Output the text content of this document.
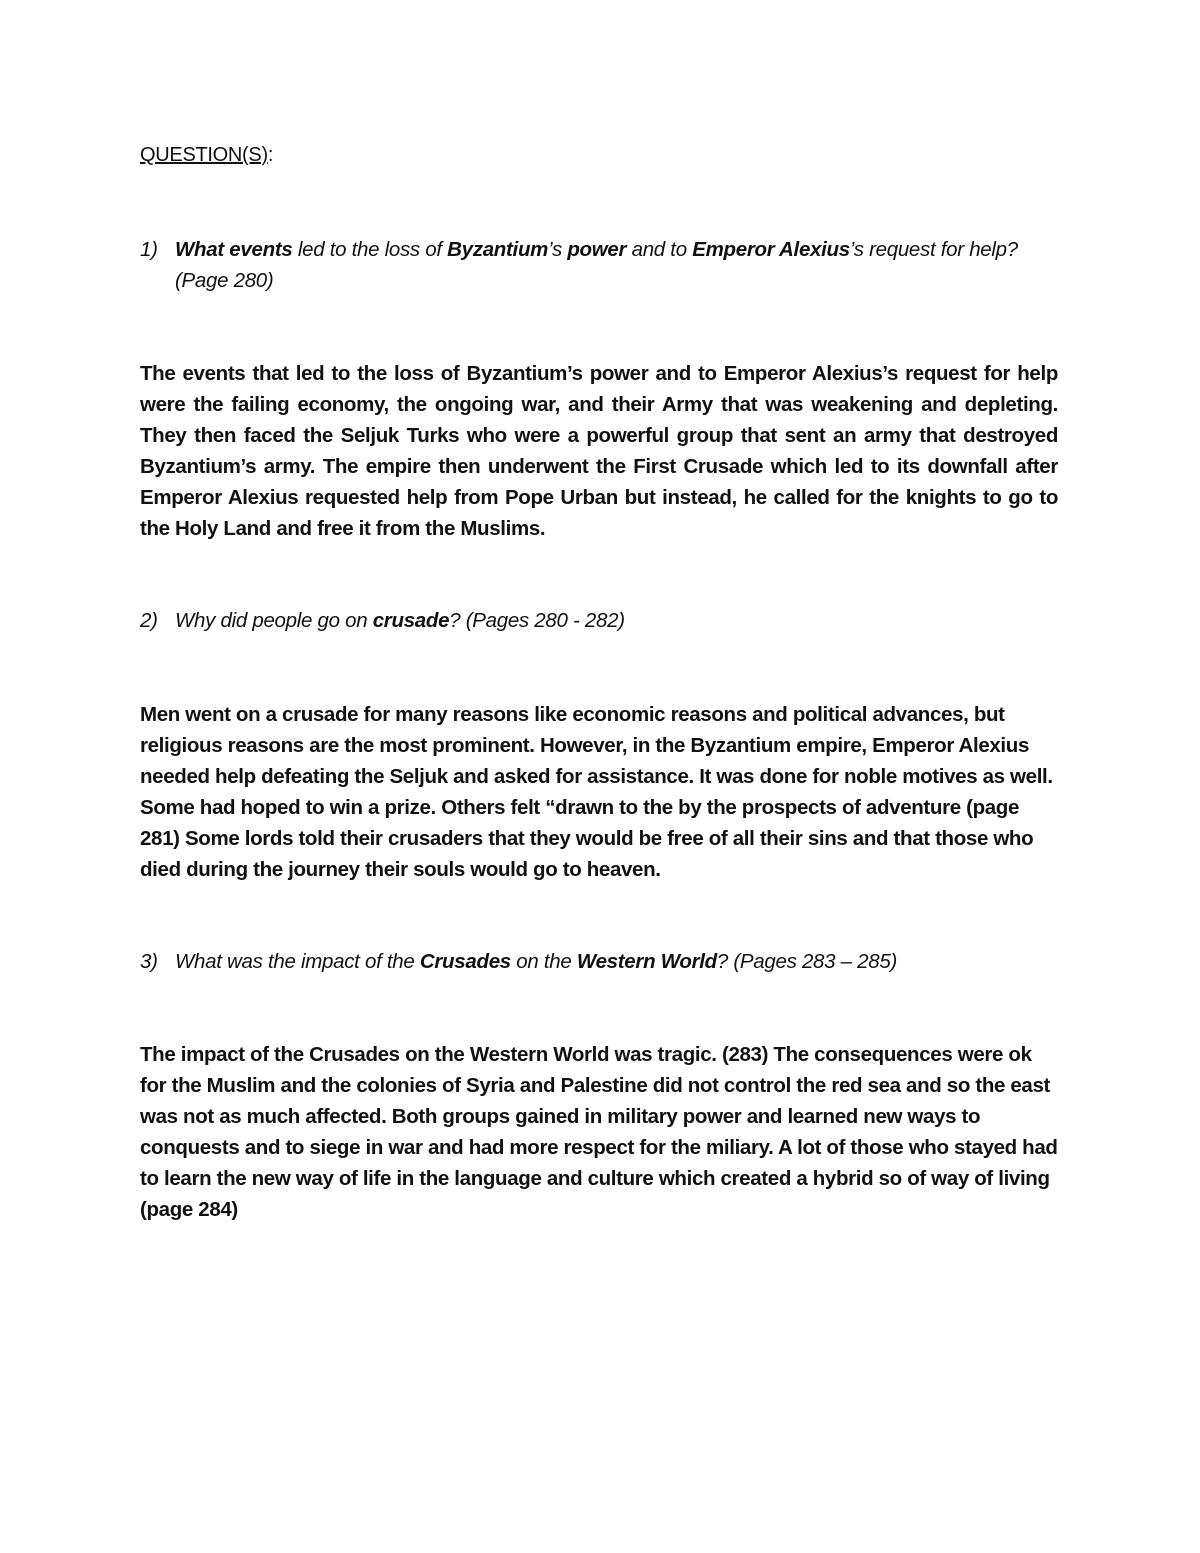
QUESTION(S):

1) What events led to the loss of Byzantium’s power and to Emperor Alexius’s request for help? (Page 280)

The events that led to the loss of Byzantium’s power and to Emperor Alexius’s request for help were the failing economy, the ongoing war, and their Army that was weakening and depleting. They then faced the Seljuk Turks who were a powerful group that sent an army that destroyed Byzantium’s army. The empire then underwent the First Crusade which led to its downfall after Emperor Alexius requested help from Pope Urban but instead, he called for the knights to go to the Holy Land and free it from the Muslims.

2) Why did people go on crusade? (Pages 280 - 282)

Men went on a crusade for many reasons like economic reasons and political advances, but religious reasons are the most prominent. However, in the Byzantium empire, Emperor Alexius needed help defeating the Seljuk and asked for assistance. It was done for noble motives as well. Some had hoped to win a prize. Others felt “drawn to the by the prospects of adventure (page 281) Some lords told their crusaders that they would be free of all their sins and that those who died during the journey their souls would go to heaven.

3) What was the impact of the Crusades on the Western World? (Pages 283 – 285)

The impact of the Crusades on the Western World was tragic. (283) The consequences were ok for the Muslim and the colonies of Syria and Palestine did not control the red sea and so the east was not as much affected. Both groups gained in military power and learned new ways to conquests and to siege in war and had more respect for the miliary. A lot of those who stayed had to learn the new way of life in the language and culture which created a hybrid so of way of living (page 284)
